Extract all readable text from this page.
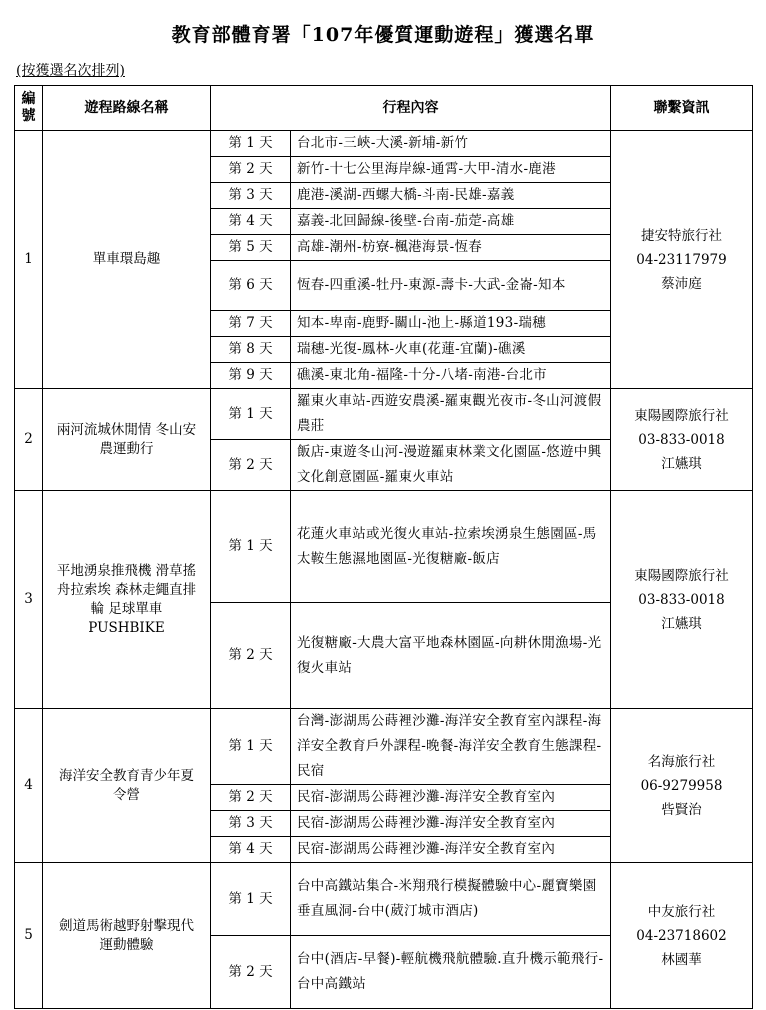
教育部體育署「107年優質運動遊程」獲選名單
(按獲選名次排列)
編號	遊程路線名稱	行程內容		聯繫資訊
1	單車環島趣	第 1 天	台北市-三峽-大溪-新埔-新竹	捷安特旅行社
04-23117979
蔡沛庭

		第 2 天	新竹-十七公里海岸線-通霄-大甲-清水-鹿港	
		第 3 天	鹿港-溪湖-西螺大橋-斗南-民雄-嘉義	
		第 4 天	嘉義-北回歸線-後壁-台南-茄萣-高雄	
		第 5 天	高雄-潮州-枋寮-楓港海景-恆春	
		第 6 天	恆春-四重溪-牡丹-東源-壽卡-大武-金崙-知本	
		第 7 天	知本-卑南-鹿野-關山-池上-縣道193-瑞穗	
		第 8 天	瑞穗-光復-鳳林-火車(花蓮-宜蘭)-礁溪	
		第 9 天	礁溪-東北角-福隆-十分-八堵-南港-台北市	
2	兩河流城休閒情 冬山安農運動行	第 1 天	羅東火車站-西遊安農溪-羅東觀光夜市-冬山河渡假農莊	東陽國際旅行社
03-833-0018
江嬿琪

		第 2 天	飯店-東遊冬山河-漫遊羅東林業文化園區-悠遊中興文化創意園區-羅東火車站	
3	平地湧泉推飛機 滑草搖舟拉索埃 森林走繩直排輪 足球單車 PUSHBIKE	第 1 天	花蓮火車站或光復火車站-拉索埃湧泉生態園區-馬太鞍生態濕地園區-光復糖廠-飯店	東陽國際旅行社
03-833-0018
江嬿琪

		第 2 天	光復糖廠-大農大富平地森林園區-向耕休閒漁場-光復火車站	
4	海洋安全教育青少年夏令營	第 1 天	台灣-澎湖馬公蒔裡沙灘-海洋安全教育室內課程-海洋安全教育戶外課程-晚餐-海洋安全教育生態課程-民宿	名海旅行社
06-9279958
呰賢治

		第 2 天	民宿-澎湖馬公蒔裡沙灘-海洋安全教育室內	
		第 3 天	民宿-澎湖馬公蒔裡沙灘-海洋安全教育室內	
		第 4 天	民宿-澎湖馬公蒔裡沙灘-海洋安全教育室內	
5	劍道馬術越野射擊現代運動體驗	第 1 天	台中高鐵站集合-米翔飛行模擬體驗中心-麗寶樂園垂直風洞-台中(葳汀城市酒店)	中友旅行社
04-23718602
林國華

		第 2 天	台中(酒店-早餐)-輕航機飛航體驗.直升機示範飛行-台中高鐵站	
